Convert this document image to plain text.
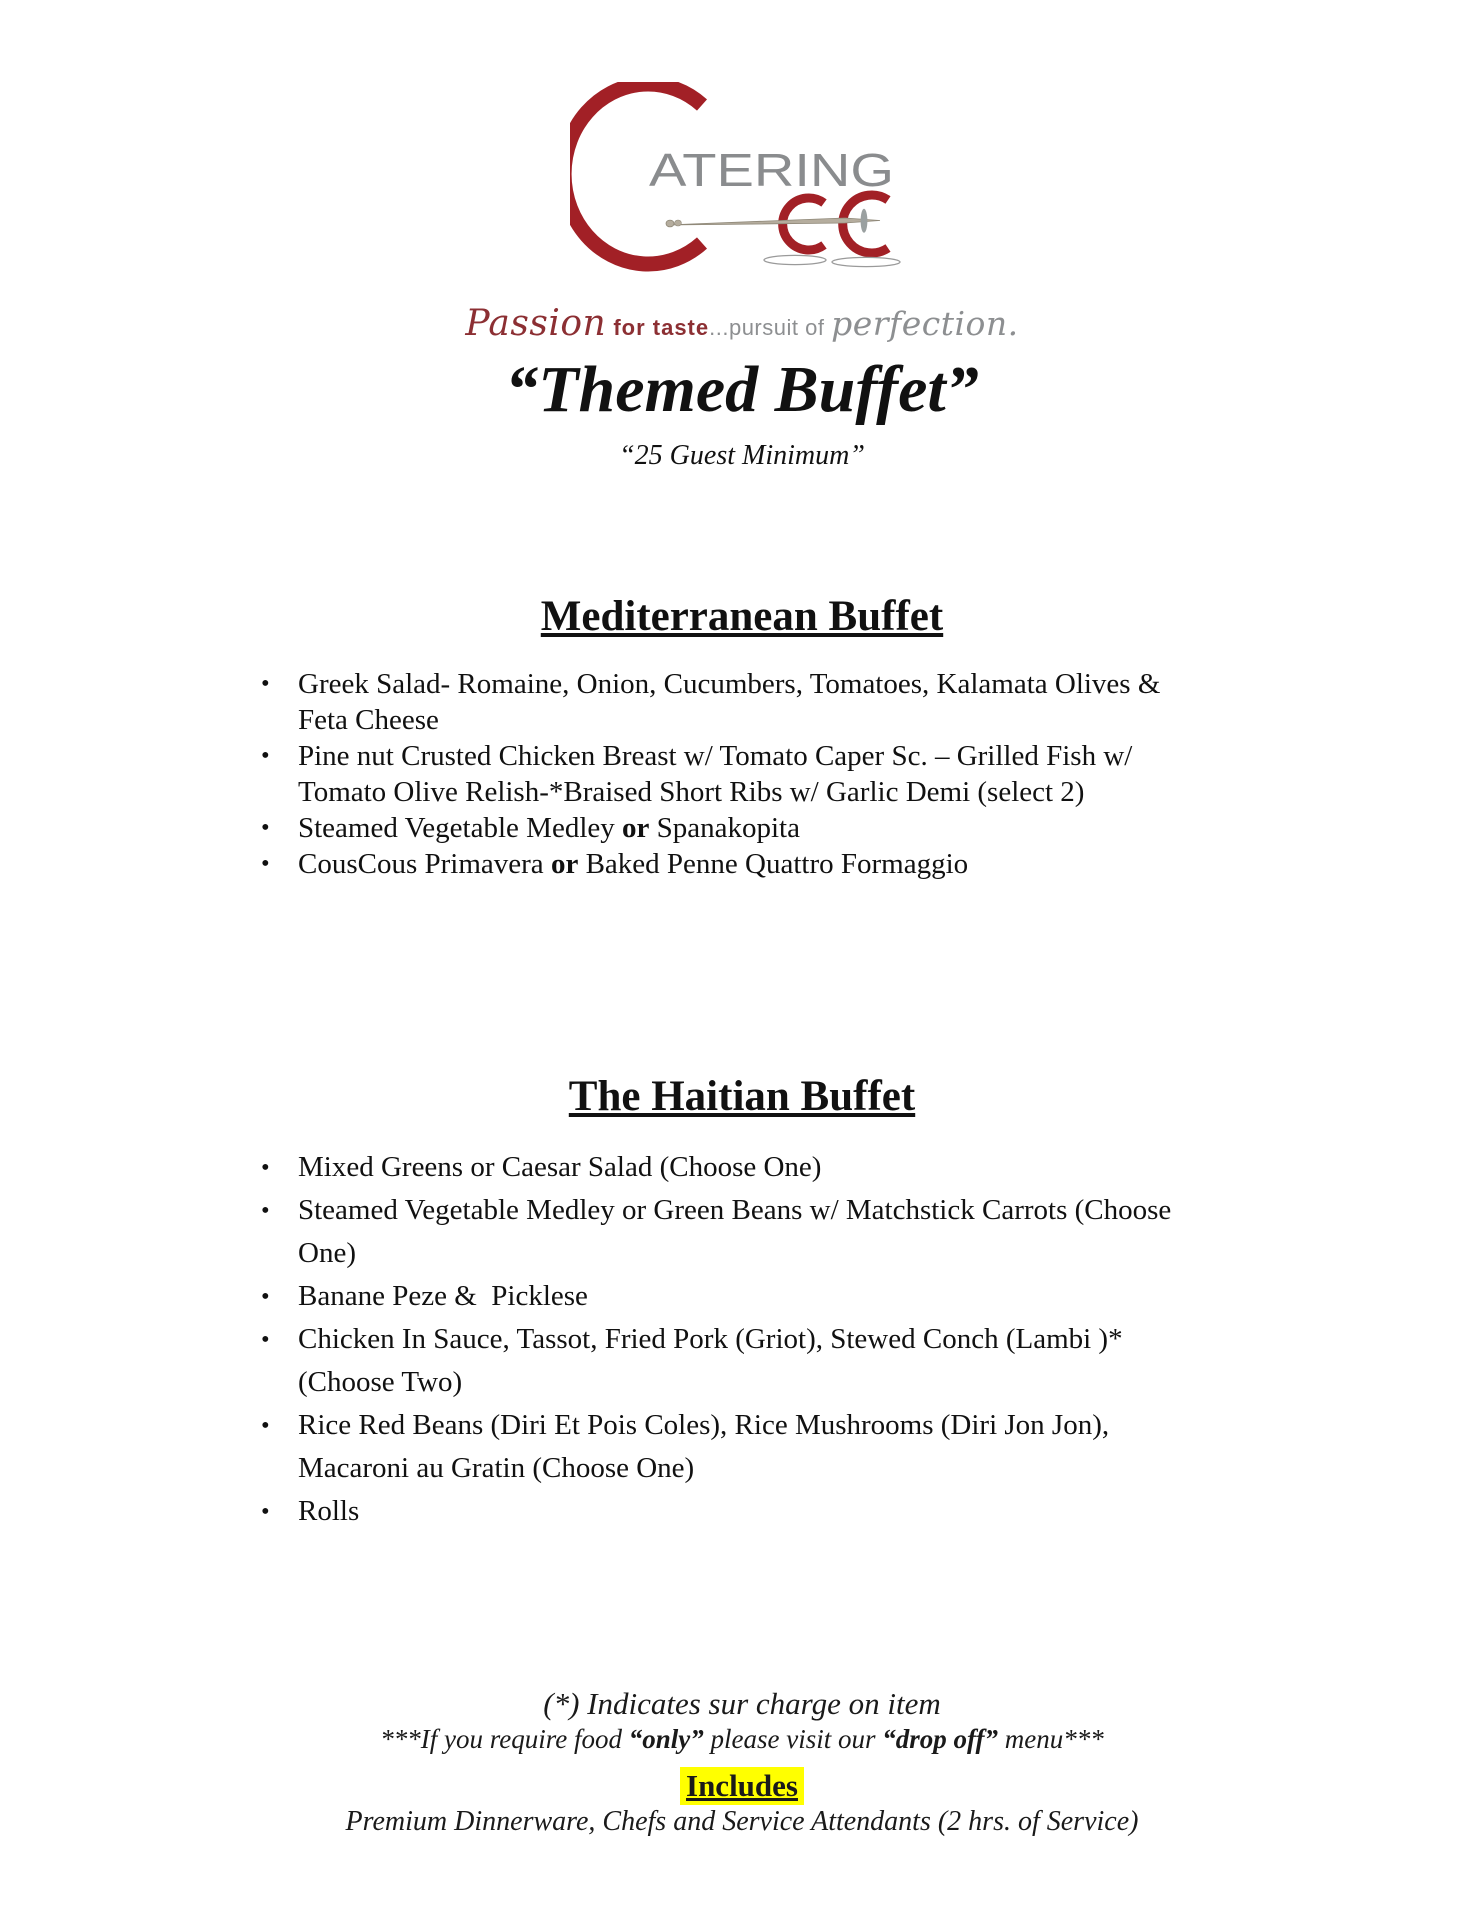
ATERING
Passion for taste...pursuit of perfection.
“Themed Buffet”
“25 Guest Minimum”
Mediterranean Buffet
• Greek Salad- Romaine, Onion, Cucumbers, Tomatoes, Kalamata Olives & Feta Cheese
• Pine nut Crusted Chicken Breast w/ Tomato Caper Sc. – Grilled Fish w/ Tomato Olive Relish-*Braised Short Ribs w/ Garlic Demi (select 2)
• Steamed Vegetable Medley or Spanakopita
• CousCous Primavera or Baked Penne Quattro Formaggio
The Haitian Buffet
• Mixed Greens or Caesar Salad (Choose One)
• Steamed Vegetable Medley or Green Beans w/ Matchstick Carrots (Choose One)
• Banane Peze &  Picklese
• Chicken In Sauce, Tassot, Fried Pork (Griot), Stewed Conch (Lambi )* (Choose Two)
• Rice Red Beans (Diri Et Pois Coles), Rice Mushrooms (Diri Jon Jon), Macaroni au Gratin (Choose One)
• Rolls
(*) Indicates sur charge on item
***If you require food “only” please visit our “drop off” menu***
Includes
Premium Dinnerware, Chefs and Service Attendants (2 hrs. of Service)
